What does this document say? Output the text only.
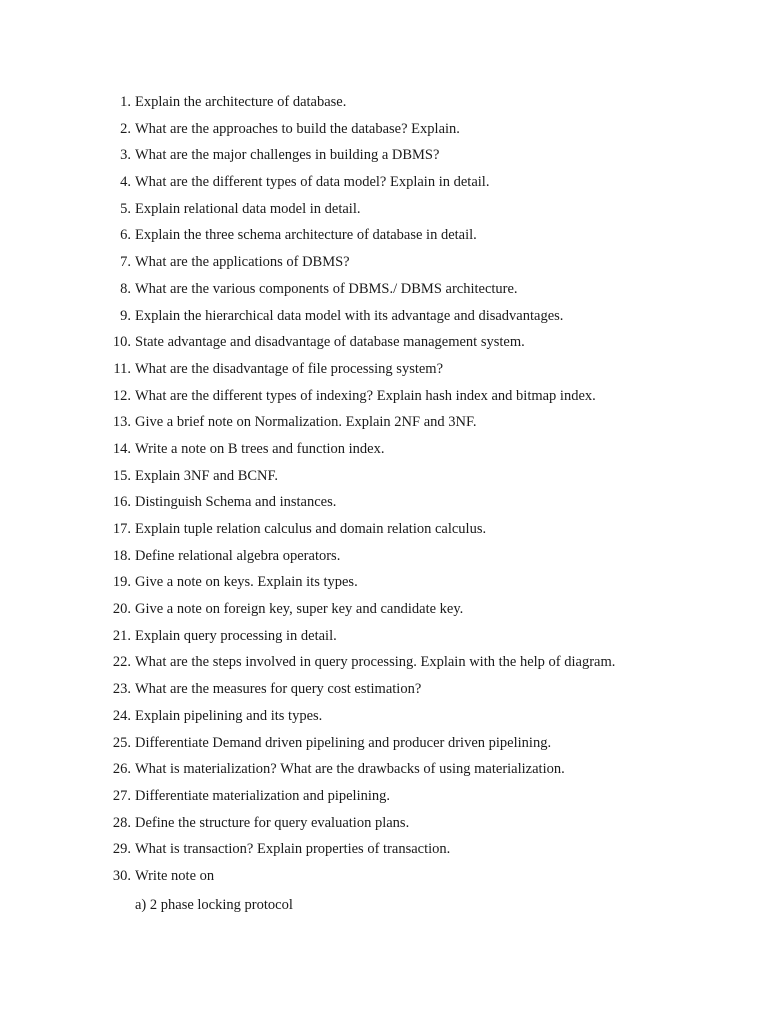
1. Explain the architecture of database.
2. What are the approaches to build the database? Explain.
3. What are the major challenges in building a DBMS?
4. What are the different types of data model? Explain in detail.
5. Explain relational data model in detail.
6. Explain the three schema architecture of database in detail.
7. What are the applications of DBMS?
8. What are the various components of DBMS./ DBMS architecture.
9. Explain the hierarchical data model with its advantage and disadvantages.
10. State advantage and disadvantage of database management system.
11. What are the disadvantage of file processing system?
12. What are the different types of indexing? Explain hash index and bitmap index.
13. Give a brief note on Normalization. Explain 2NF and 3NF.
14. Write a note on B trees and function index.
15. Explain 3NF and BCNF.
16. Distinguish Schema and instances.
17. Explain tuple relation calculus and domain relation calculus.
18. Define relational algebra operators.
19. Give a note on keys. Explain its types.
20. Give a note on foreign key, super key and candidate key.
21. Explain query processing in detail.
22. What are the steps involved in query processing. Explain with the help of diagram.
23. What are the measures for query cost estimation?
24. Explain pipelining and its types.
25. Differentiate Demand driven pipelining and producer driven pipelining.
26. What is materialization? What are the drawbacks of using materialization.
27. Differentiate materialization and pipelining.
28. Define the structure for query evaluation plans.
29. What is transaction? Explain properties of transaction.
30. Write note on
a) 2 phase locking protocol
